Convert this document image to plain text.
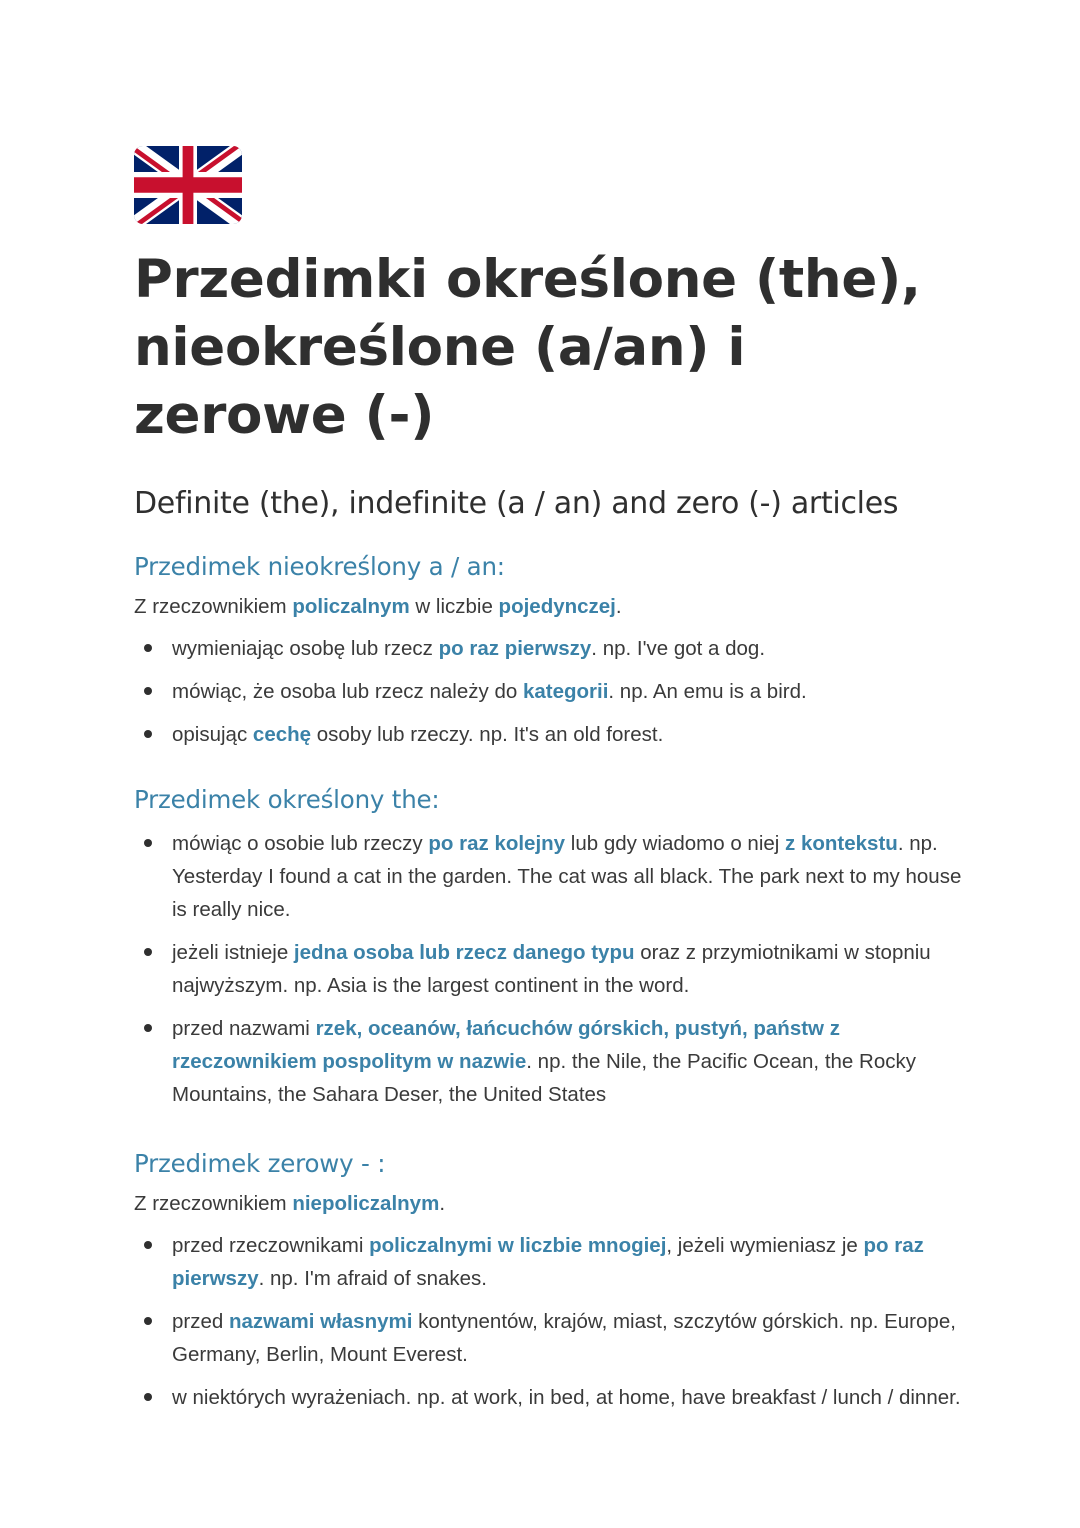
Przedimki określone (the), nieokreślone (a/an) i zerowe (-)
Definite (the), indefinite (a / an) and zero (-) articles
Przedimek nieokreślony a / an:

Z rzeczownikiem policzalnym w liczbie pojedynczej.

wymieniając osobę lub rzecz po raz pierwszy. np. I've got a dog.
mówiąc, że osoba lub rzecz należy do kategorii. np. An emu is a bird.
opisując cechę osoby lub rzeczy. np. It's an old forest.
Przedimek określony the:
mówiąc o osobie lub rzeczy po raz kolejny lub gdy wiadomo o niej z kontekstu. np. Yesterday I found a cat in the garden. The cat was all black. The park next to my house is really nice.
jeżeli istnieje jedna osoba lub rzecz danego typu oraz z przymiotnikami w stopniu najwyższym. np. Asia is the largest continent in the word.
przed nazwami rzek, oceanów, łańcuchów górskich, pustyń, państw z rzeczownikiem pospolitym w nazwie. np. the Nile, the Pacific Ocean, the Rocky Mountains, the Sahara Deser, the United States
Przedimek zerowy - :

Z rzeczownikiem niepoliczalnym.

przed rzeczownikami policzalnymi w liczbie mnogiej, jeżeli wymieniasz je po raz pierwszy. np. I'm afraid of snakes.
przed nazwami własnymi kontynentów, krajów, miast, szczytów górskich. np. Europe, Germany, Berlin, Mount Everest.
w niektórych wyrażeniach. np. at work, in bed, at home, have breakfast / lunch / dinner.
